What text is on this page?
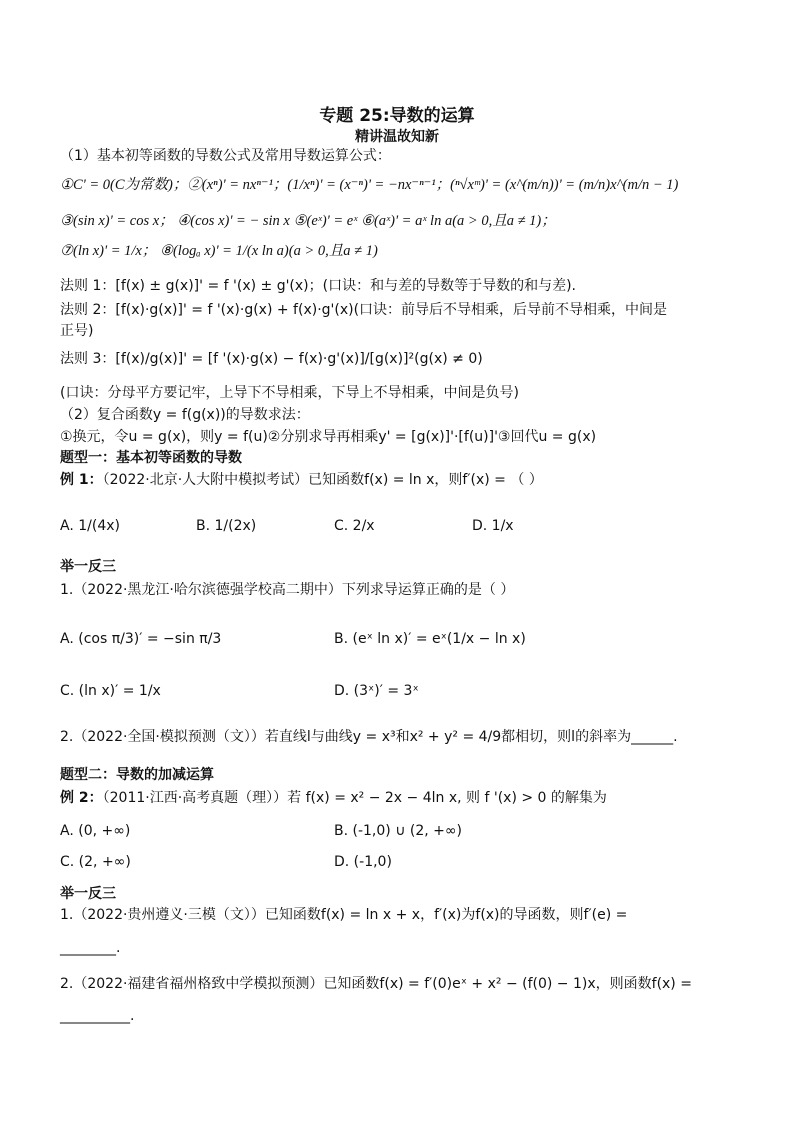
专题 25:导数的运算
精讲温故知新
（1）基本初等函数的导数公式及常用导数运算公式：
①C' = 0(C为常数)；②(xⁿ)' = nxⁿ⁻¹；(1/xⁿ)' = (x⁻ⁿ)' = −nx⁻ⁿ⁻¹；(ⁿ√xᵐ)' = (x^(m/n))' = (m/n)x^(m/n − 1)
③(sin x)' = cos x； ④(cos x)' = − sin x ⑤(eˣ)' = eˣ ⑥(aˣ)' = aˣ ln a(a > 0,且a ≠ 1)；
⑦(ln x)' = 1/x； ⑧(logₐ x)' = 1/(x ln a)(a > 0,且a ≠ 1)
法则 1：[f(x) ± g(x)]' = f '(x) ± g'(x)；(口诀：和与差的导数等于导数的和与差).
法则 2：[f(x)·g(x)]' = f '(x)·g(x) + f(x)·g'(x)(口诀：前导后不导相乘，后导前不导相乘，中间是
正号)
法则 3：[f(x)/g(x)]' = [f '(x)·g(x) − f(x)·g'(x)]/[g(x)]²(g(x) ≠ 0)
(口诀：分母平方要记牢，上导下不导相乘，下导上不导相乘，中间是负号)
（2）复合函数y = f(g(x))的导数求法：
①换元，令u = g(x)，则y = f(u)②分别求导再相乘y' = [g(x)]'·[f(u)]'③回代u = g(x)
题型一：基本初等函数的导数
例 1：（2022·北京·人大附中模拟考试）已知函数f(x) = ln x，则f′(x) = （ ）
A. 1/(4x)	B. 1/(2x)	C. 2/x	D. 1/x
举一反三
1.（2022·黑龙江·哈尔滨德强学校高二期中）下列求导运算正确的是（ ）
A. (cos π/3)′ = −sin π/3	B. (eˣ ln x)′ = eˣ(1/x − ln x)
C. (ln x)′ = 1/x	D. (3ˣ)′ = 3ˣ
2.（2022·全国·模拟预测（文））若直线l与曲线y = x³和x² + y² = 4/9都相切，则l的斜率为______.
题型二：导数的加减运算
例 2：（2011·江西·高考真题（理））若 f(x) = x² − 2x − 4ln x, 则 f '(x) > 0 的解集为
A. (0, +∞)	B. (-1,0) ∪ (2, +∞)
C. (2, +∞)	D. (-1,0)
举一反三
1.（2022·贵州遵义·三模（文））已知函数f(x) = ln x + x，f′(x)为f(x)的导函数，则f′(e) =
________.
2.（2022·福建省福州格致中学模拟预测）已知函数f(x) = f′(0)eˣ + x² − (f(0) − 1)x，则函数f(x) =
__________.
